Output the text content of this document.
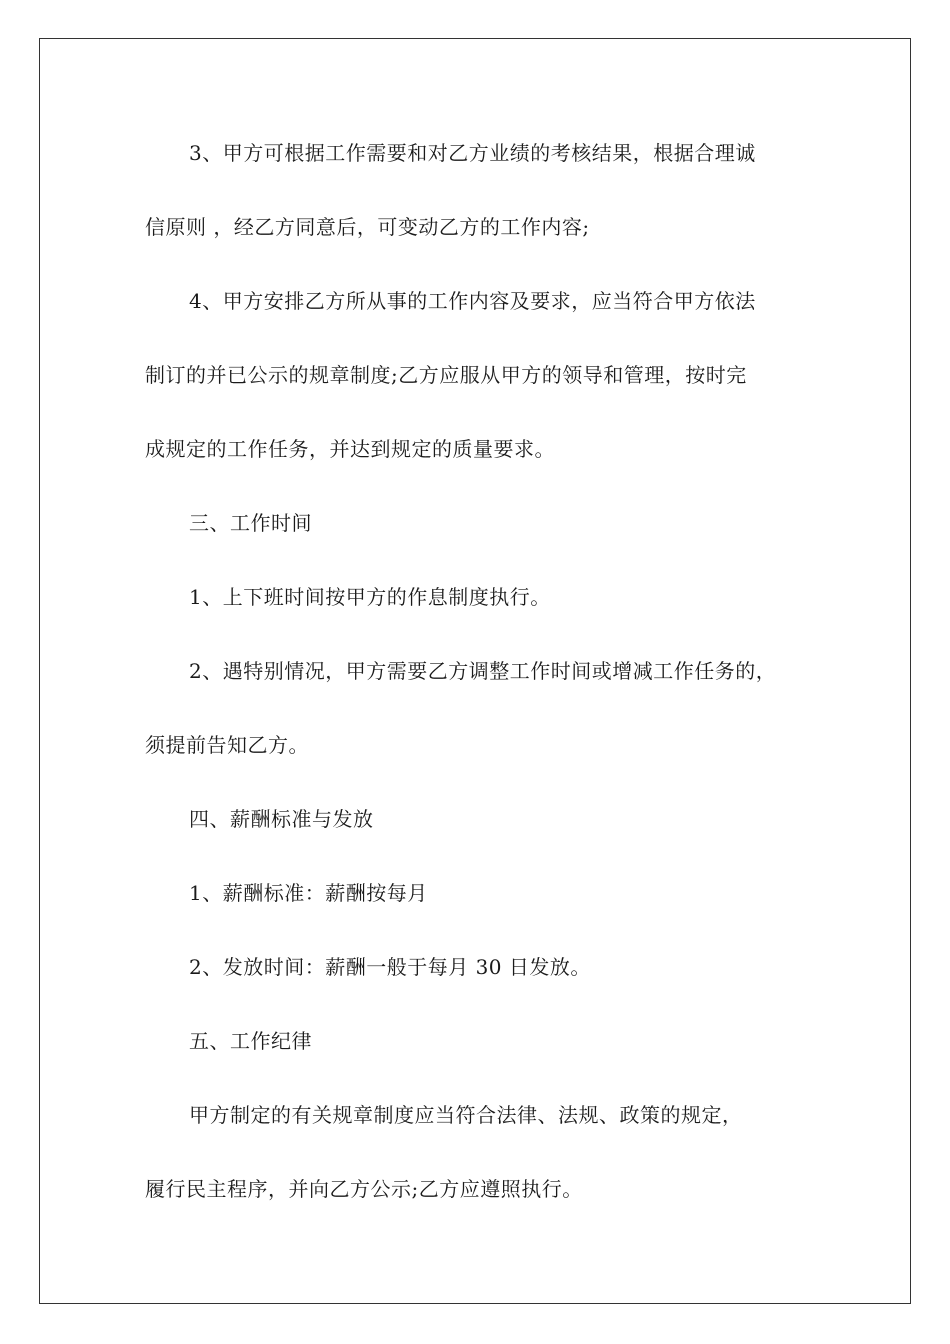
3、甲方可根据工作需要和对乙方业绩的考核结果，根据合理诚
信原则 ，经乙方同意后，可变动乙方的工作内容;
4、甲方安排乙方所从事的工作内容及要求，应当符合甲方依法
制订的并已公示的规章制度;乙方应服从甲方的领导和管理，按时完
成规定的工作任务，并达到规定的质量要求。
三、工作时间
1、上下班时间按甲方的作息制度执行。
2、遇特别情况，甲方需要乙方调整工作时间或增减工作任务的，
须提前告知乙方。
四、薪酬标准与发放
1、薪酬标准：薪酬按每月
2、发放时间：薪酬一般于每月 30 日发放。
五、工作纪律
甲方制定的有关规章制度应当符合法律、法规、政策的规定，
履行民主程序，并向乙方公示;乙方应遵照执行。
